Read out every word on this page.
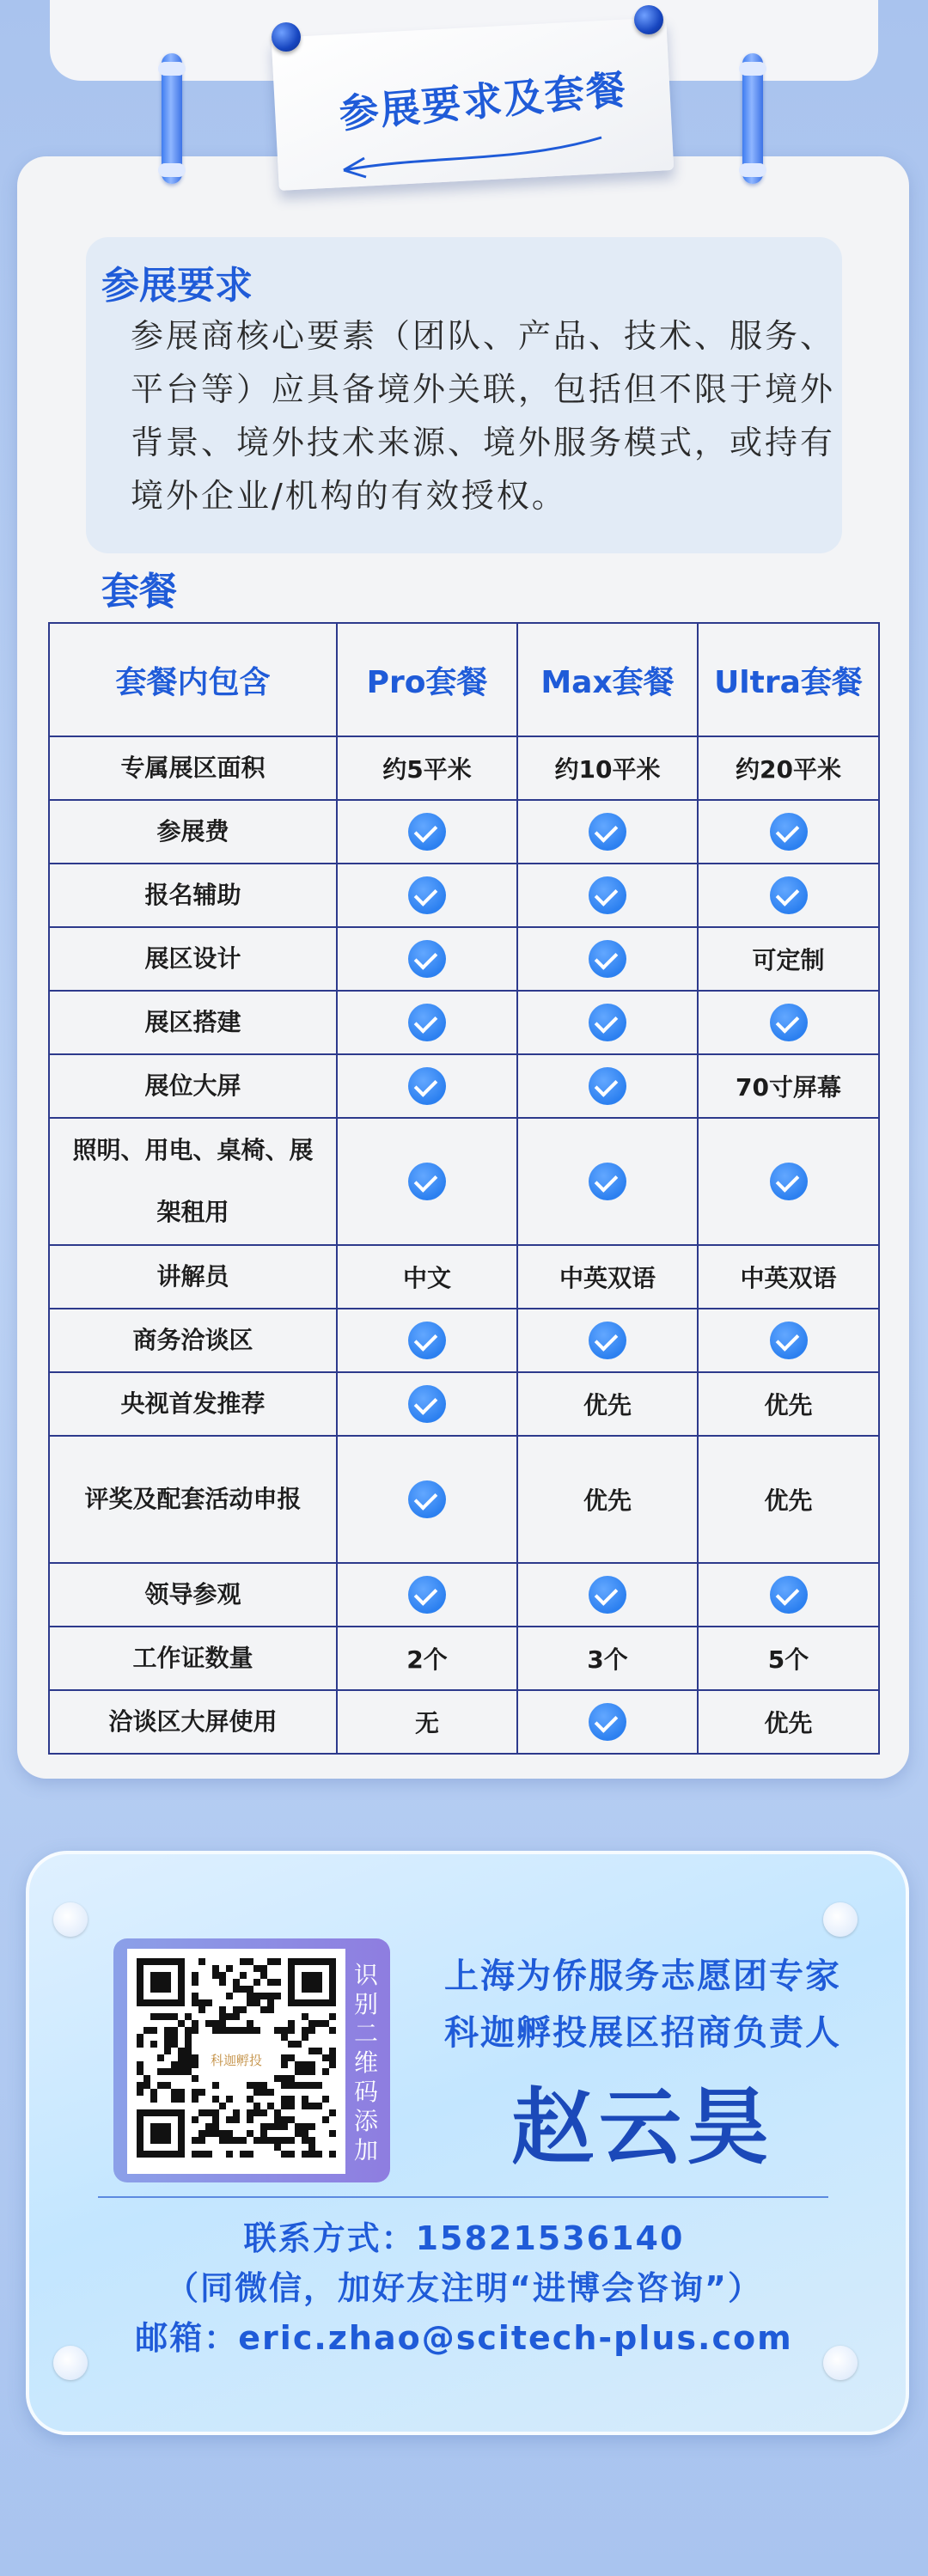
参展要求及套餐
参展要求
参展商核心要素（团队、产品、技术、服务、平台等）应具备境外关联，包括但不限于境外背景、境外技术来源、境外服务模式，或持有境外企业/机构的有效授权。
套餐
套餐内包含	Pro套餐	Max套餐	Ultra套餐
专属展区面积	约5平米	约10平米	约20平米
参展费			
报名辅助			
展区设计			可定制
展区搭建			
展位大屏			70寸屏幕
照明、用电、桌椅、展架租用			
讲解员	中文	中英双语	中英双语
商务洽谈区			
央视首发推荐		优先	优先
评奖及配套活动申报		优先	优先
领导参观			
工作证数量	2个	3个	5个
洽谈区大屏使用	无		优先
科迦孵投
识别二维码添加
上海为侨服务志愿团专家
科迦孵投展区招商负责人
赵云昊
联系方式：15821536140
（同微信，加好友注明“进博会咨询”）
邮箱：eric.zhao@scitech-plus.com
